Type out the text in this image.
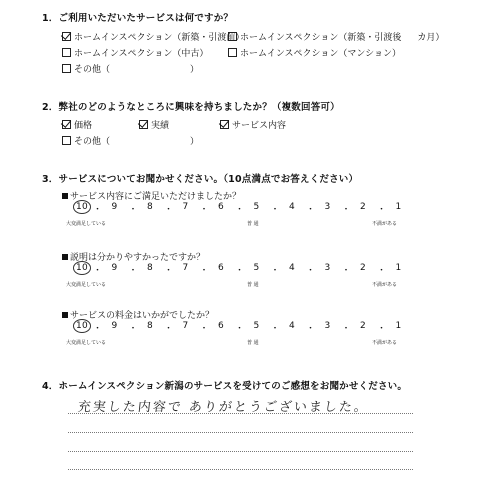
1．ご利用いただいたサービスは何ですか？
ホームインスペクション（新築・引渡前）
ホームインスペクション（新築・引渡後 カ月）
ホームインスペクション（中古）	ホームインスペクション（マンション）
その他（	）
2．弊社のどのようなところに興味を持ちましたか？（複数回答可）
価格	実績	サービス内容
その他（	）
3．サービスについてお聞かせください。（10点満点でお答えください）
サービス内容にご満足いただけましたか？
10 ・ 9 ・ 8 ・ 7 ・ 6 ・ 5 ・ 4 ・ 3 ・ 2 ・ 1
大変満足している	普 通	不満がある
説明は分かりやすかったですか？
10 ・ 9 ・ 8 ・ 7 ・ 6 ・ 5 ・ 4 ・ 3 ・ 2 ・ 1
大変満足している	普 通	不満がある
サービスの料金はいかがでしたか？
10 ・ 9 ・ 8 ・ 7 ・ 6 ・ 5 ・ 4 ・ 3 ・ 2 ・ 1
大変満足している	普 通	不満がある
4．ホームインスペクション新潟のサービスを受けてのご感想をお聞かせください。
充実した内容で ありがとうございました。
